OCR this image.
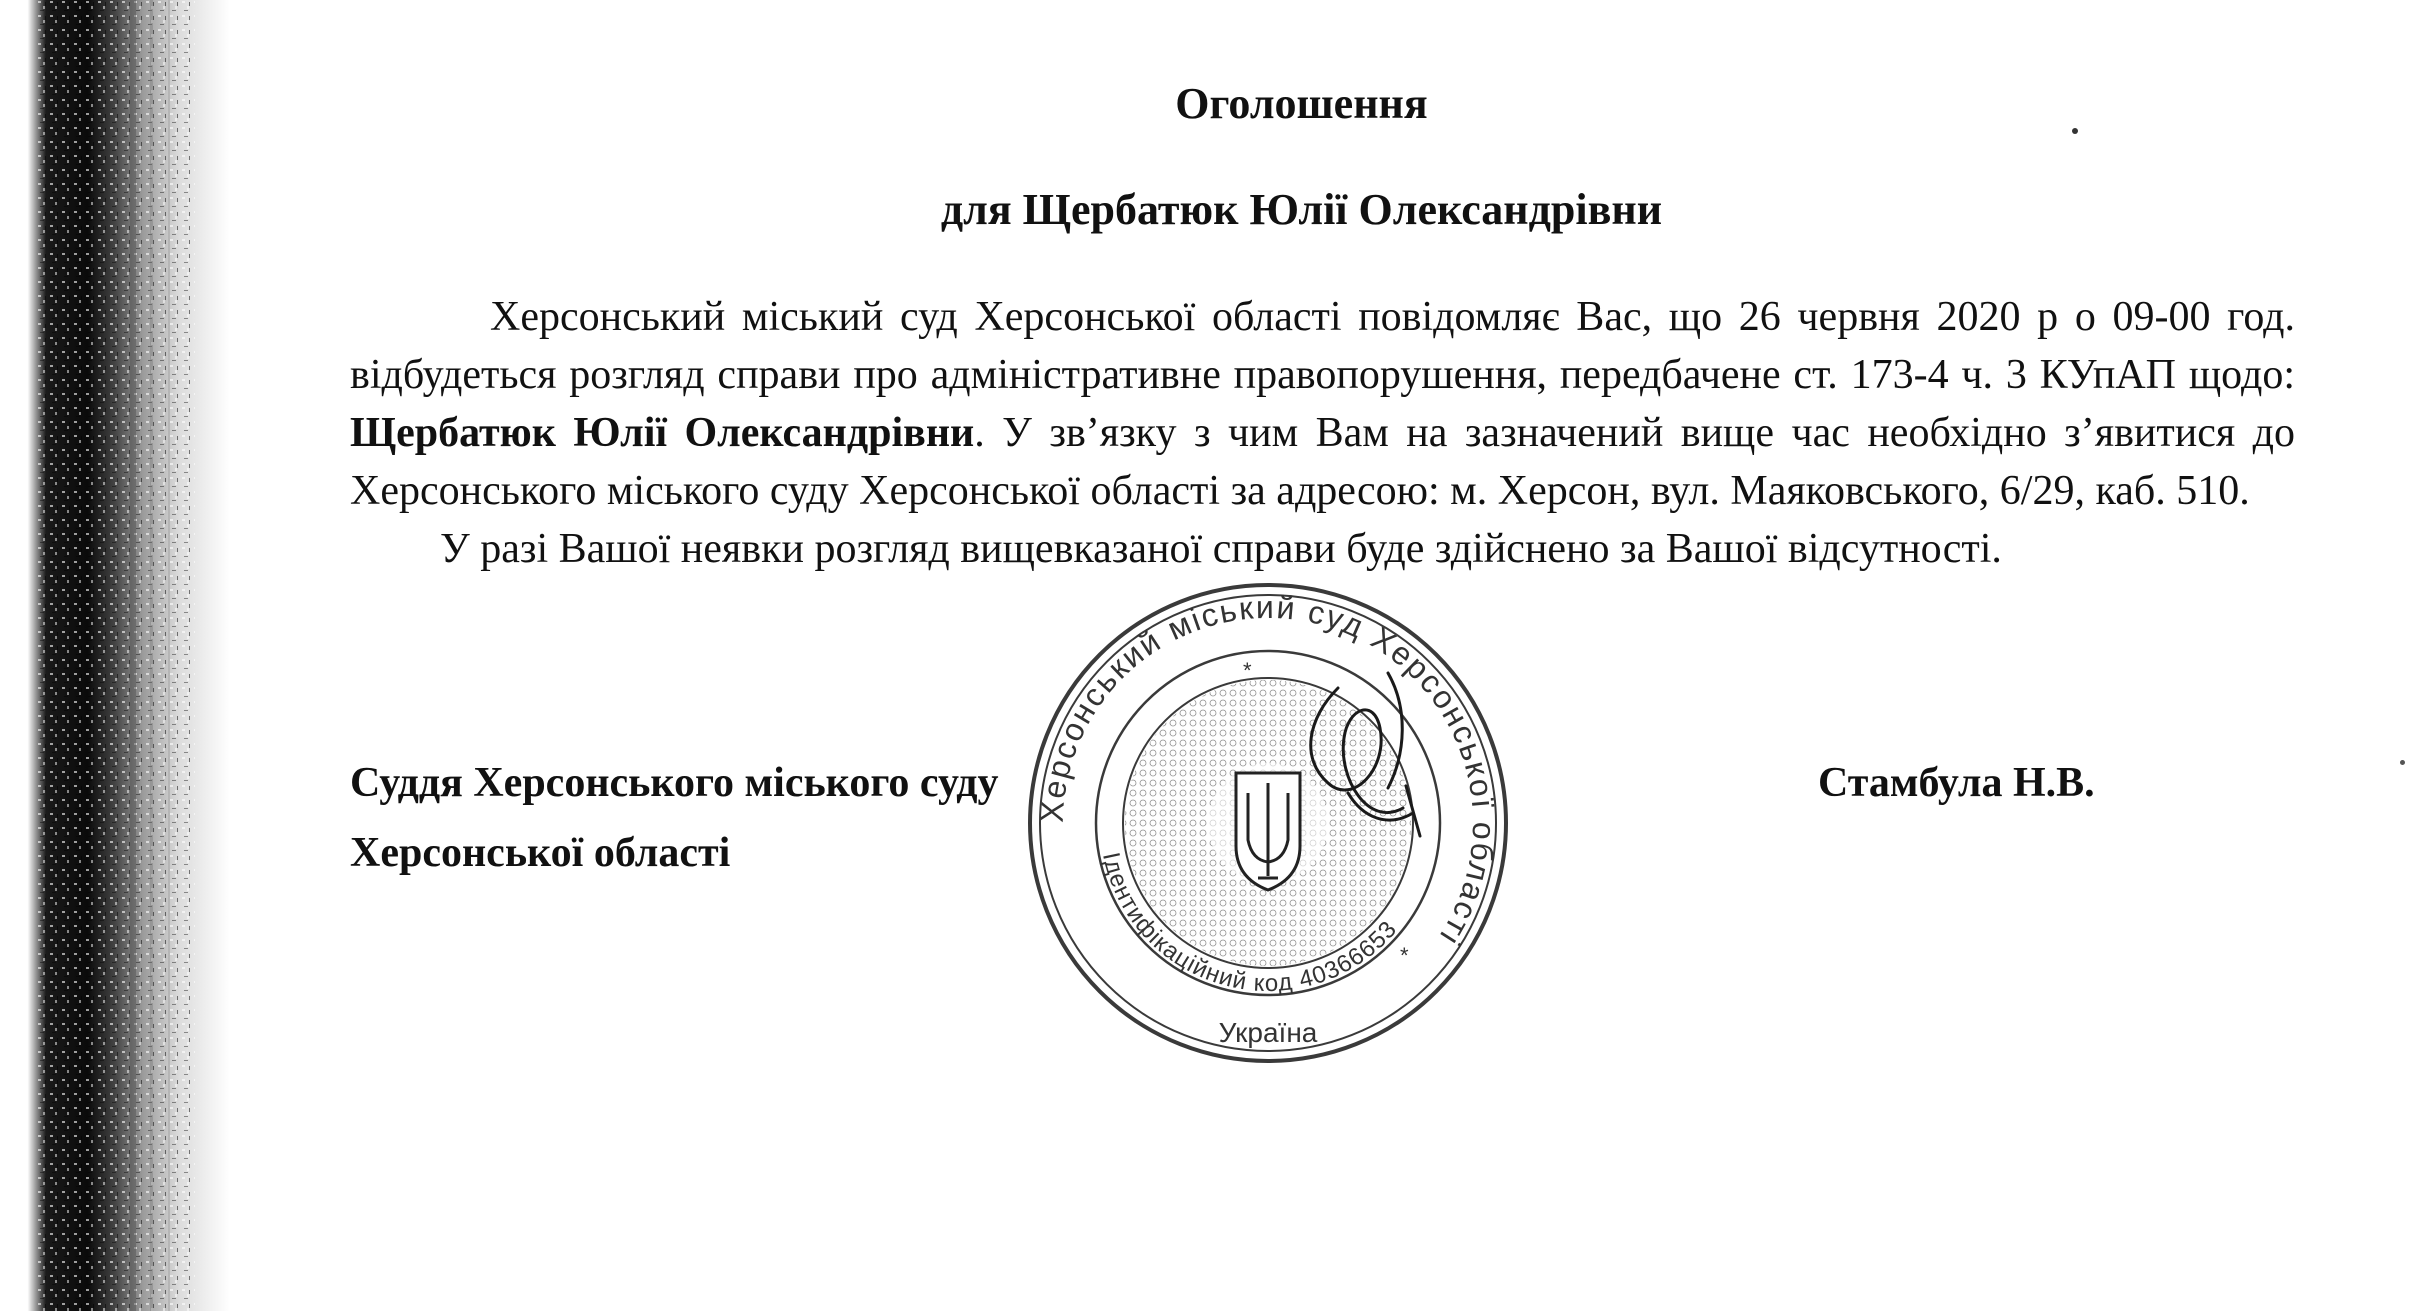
Оголошення
для Щербатюк Юлії Олександрівни

Херсонський міський суд Херсонської області повідомляє Вас, що 26 червня 2020 р о 09-00 год. відбудеться розгляд справи про адміністративне правопорушення, передбачене ст. 173-4 ч. 3 КУпАП щодо: Щербатюк Юлії Олександрівни. У зв’язку з чим Вам на зазначений вище час необхідно з’явитися до Херсонського міського суду Херсонської області за адресою: м. Херсон, вул. Маяковського, 6/29, каб. 510.

У разі Вашої неявки розгляд вищевказаної справи буде здійснено за Вашої відсутності.

Суддя Херсонського міського суду
Херсонської області
Стамбула Н.В.
Херсонський міський суд Херсонської області
Ідентифікаційний код 40366653
Україна
*
*
